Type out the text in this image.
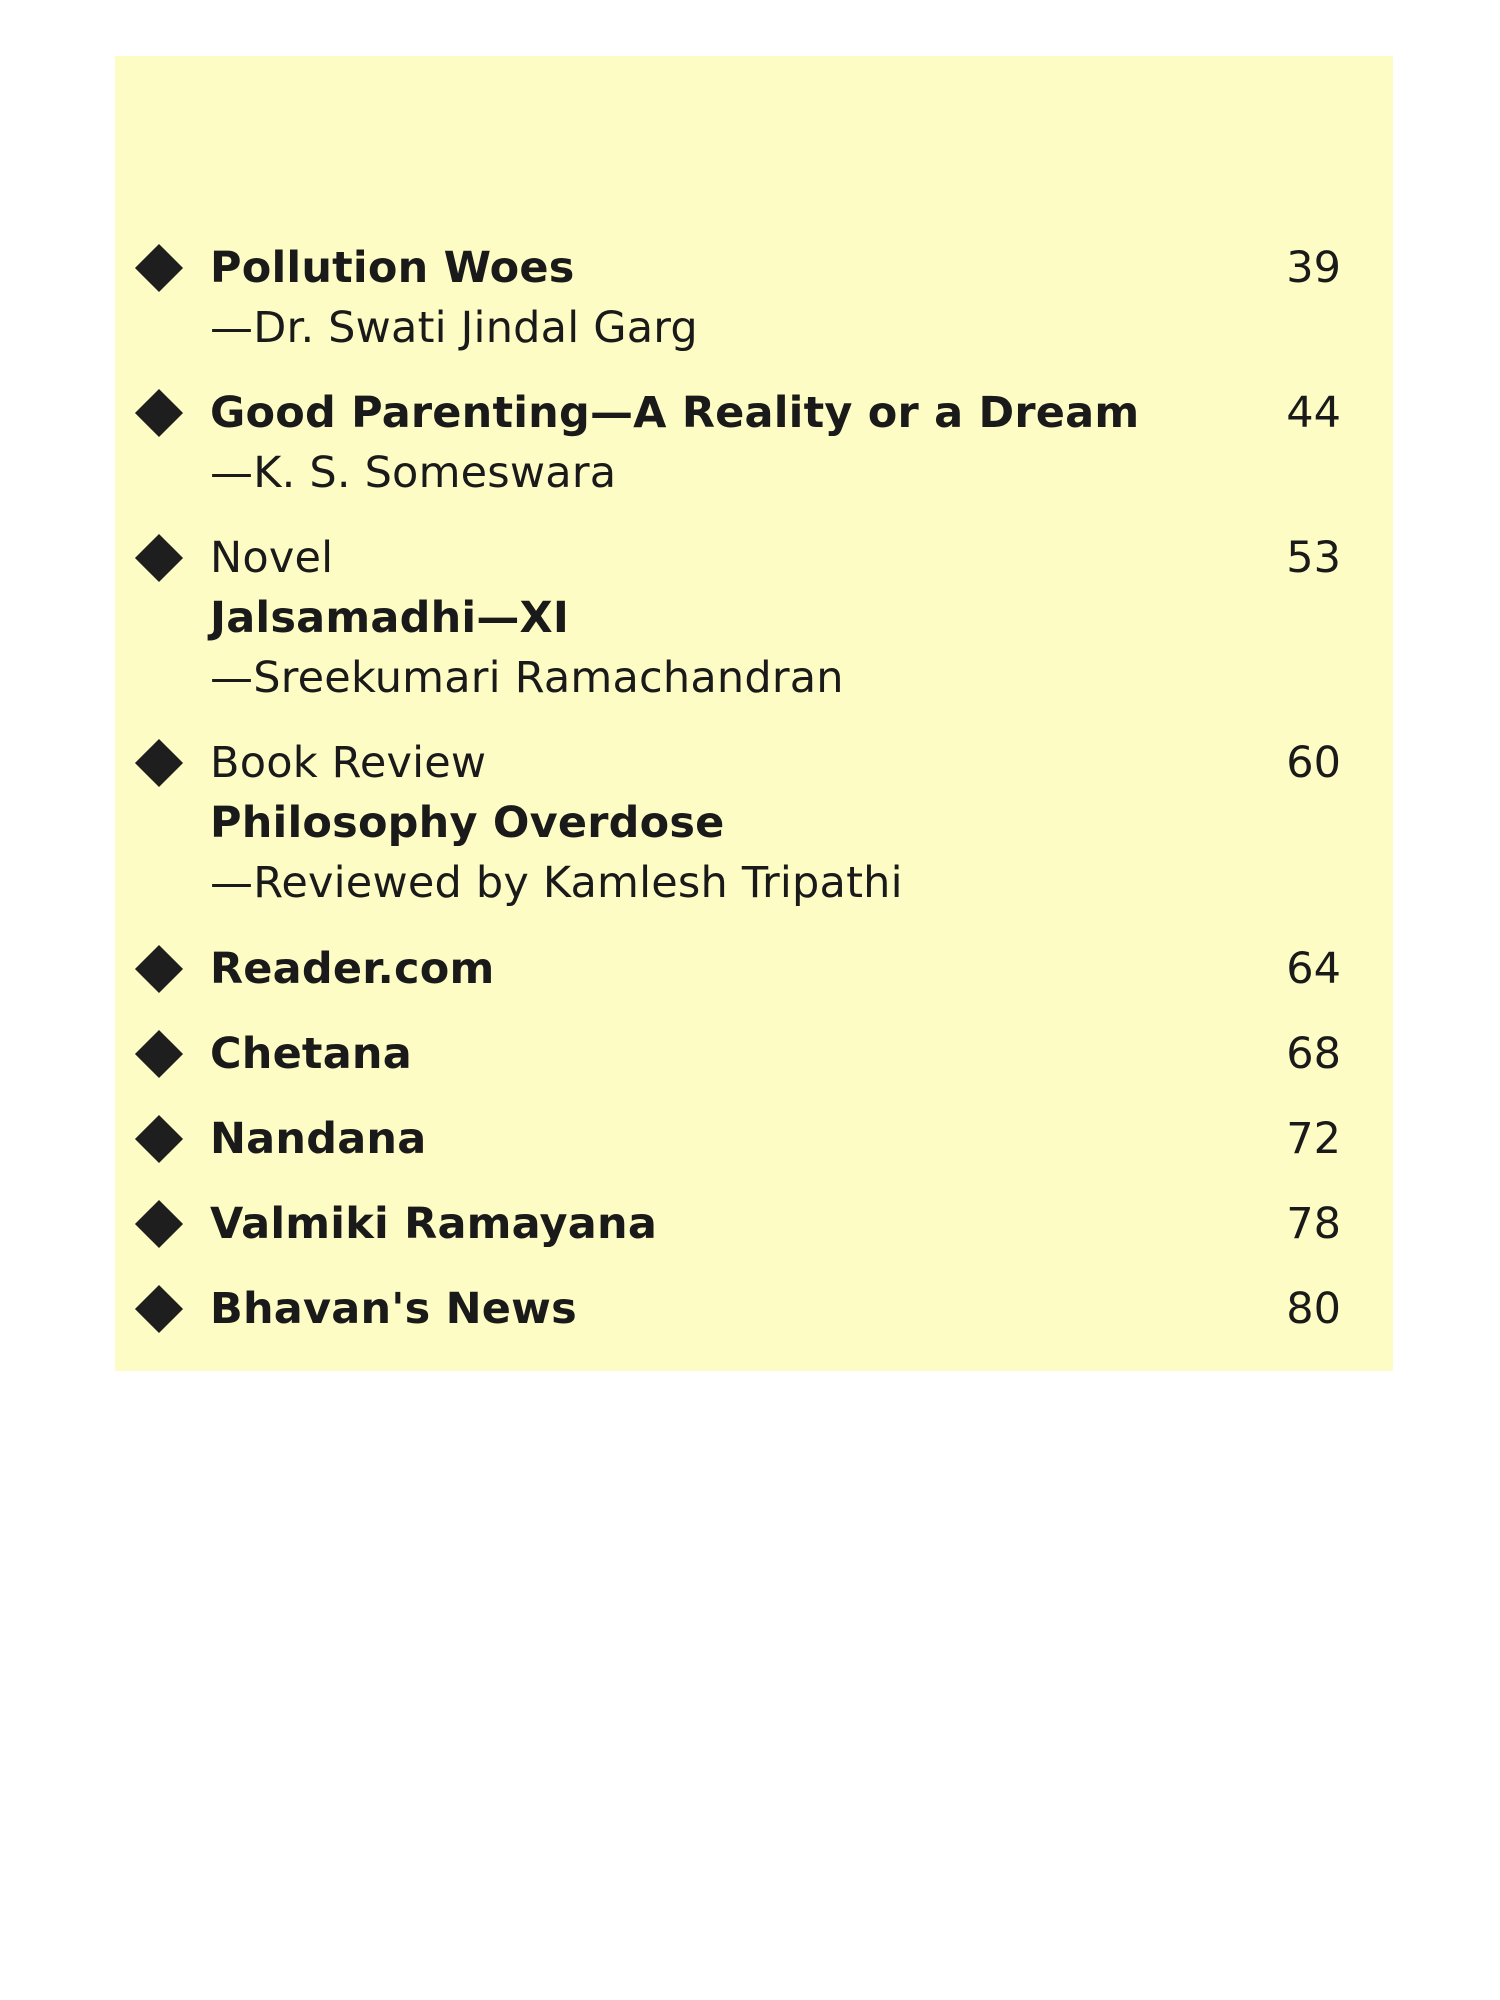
Pollution Woes	39
—Dr. Swati Jindal Garg
Good Parenting—A Reality or a Dream	44
—K. S. Someswara
Novel	53
Jalsamadhi—XI
—Sreekumari Ramachandran
Book Review	60
Philosophy Overdose
—Reviewed by Kamlesh Tripathi
Reader.com	64
Chetana	68
Nandana	72
Valmiki Ramayana	78
Bhavan's News	80
